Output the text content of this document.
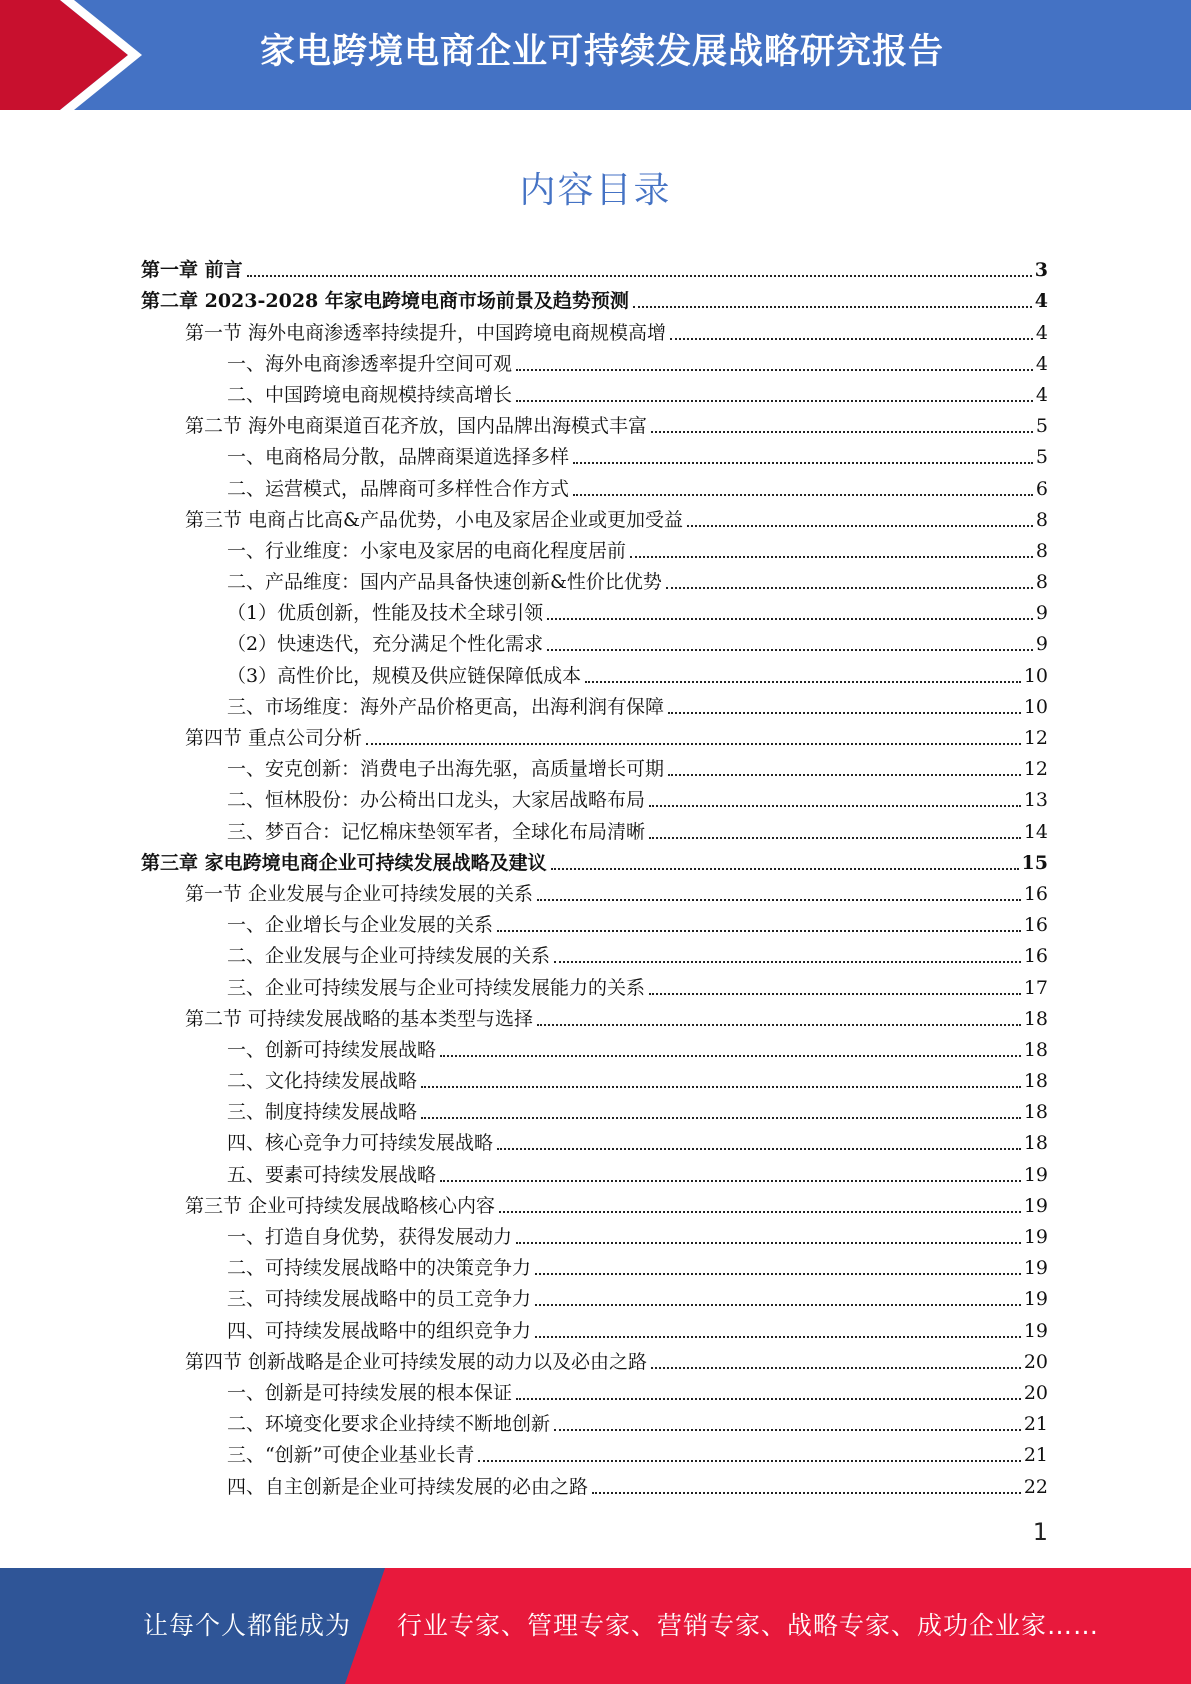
家电跨境电商企业可持续发展战略研究报告
内容目录
第一章 前言	3
第二章 2023-2028 年家电跨境电商市场前景及趋势预测	4
第一节 海外电商渗透率持续提升，中国跨境电商规模高增	4
一、海外电商渗透率提升空间可观	4
二、中国跨境电商规模持续高增长	4
第二节 海外电商渠道百花齐放，国内品牌出海模式丰富	5
一、电商格局分散，品牌商渠道选择多样	5
二、运营模式，品牌商可多样性合作方式	6
第三节 电商占比高&产品优势，小电及家居企业或更加受益	8
一、行业维度：小家电及家居的电商化程度居前	8
二、产品维度：国内产品具备快速创新&性价比优势	8
（1）优质创新，性能及技术全球引领	9
（2）快速迭代，充分满足个性化需求	9
（3）高性价比，规模及供应链保障低成本	10
三、市场维度：海外产品价格更高，出海利润有保障	10
第四节 重点公司分析	12
一、安克创新：消费电子出海先驱，高质量增长可期	12
二、恒林股份：办公椅出口龙头，大家居战略布局	13
三、梦百合：记忆棉床垫领军者，全球化布局清晰	14
第三章 家电跨境电商企业可持续发展战略及建议	15
第一节 企业发展与企业可持续发展的关系	16
一、企业增长与企业发展的关系	16
二、企业发展与企业可持续发展的关系	16
三、企业可持续发展与企业可持续发展能力的关系	17
第二节 可持续发展战略的基本类型与选择	18
一、创新可持续发展战略	18
二、文化持续发展战略	18
三、制度持续发展战略	18
四、核心竞争力可持续发展战略	18
五、要素可持续发展战略	19
第三节 企业可持续发展战略核心内容	19
一、打造自身优势，获得发展动力	19
二、可持续发展战略中的决策竞争力	19
三、可持续发展战略中的员工竞争力	19
四、可持续发展战略中的组织竞争力	19
第四节 创新战略是企业可持续发展的动力以及必由之路	20
一、创新是可持续发展的根本保证	20
二、环境变化要求企业持续不断地创新	21
三、“创新”可使企业基业长青	21
四、自主创新是企业可持续发展的必由之路	22
1
让每个人都能成为 行业专家、管理专家、营销专家、战略专家、成功企业家……
